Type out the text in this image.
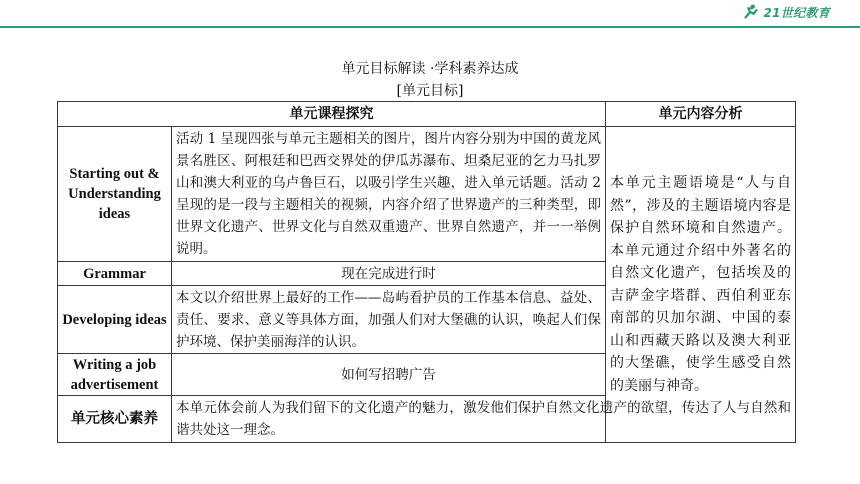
21世纪教育
单元目标解读 ·学科素养达成
[单元目标]
单元课程探究		单元内容分析
Starting out & Understanding ideas	活动 1 呈现四张与单元主题相关的图片，图片内容分别为中国的黄龙风景名胜区、阿根廷和巴西交界处的伊瓜苏瀑布、坦桑尼亚的乞力马扎罗山和澳大利亚的乌卢鲁巨石，以吸引学生兴趣，进入单元话题。活动 2 呈现的是一段与主题相关的视频，内容介绍了世界遗产的三种类型，即世界文化遗产、世界文化与自然双重遗产、世界自然遗产，并一一举例说明。	本单元主题语境是“人与自然”，涉及的主题语境内容是保护自然环境和自然遗产。本单元通过介绍中外著名的自然文化遗产，包括埃及的吉萨金字塔群、西伯利亚东南部的贝加尔湖、中国的泰山和西藏天路以及澳大利亚的大堡礁，使学生感受自然的美丽与神奇。
Grammar	现在完成进行时	
Developing ideas	本文以介绍世界上最好的工作——岛屿看护员的工作基本信息、益处、责任、要求、意义等具体方面，加强人们对大堡礁的认识，唤起人们保护环境、保护美丽海洋的认识。	
Writing a job advertisement	如何写招聘广告	
单元核心素养	本单元体会前人为我们留下的文化遗产的魅力，激发他们保护自然文化遗产的欲望，传达了人与自然和谐共处这一理念。	
